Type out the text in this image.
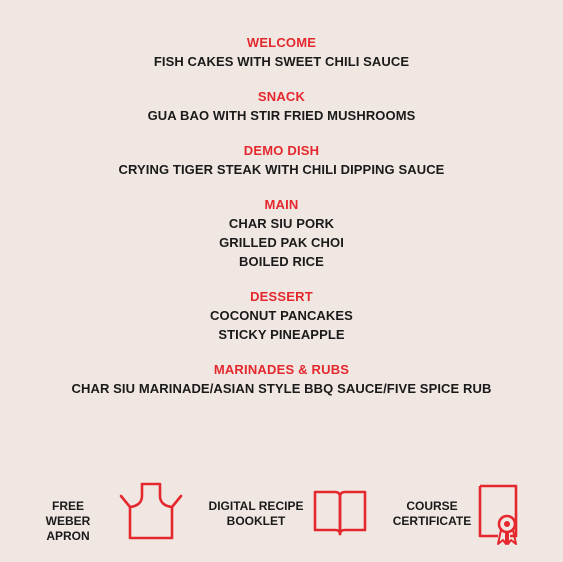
WELCOME
FISH CAKES WITH SWEET CHILI SAUCE
SNACK
GUA BAO WITH STIR FRIED MUSHROOMS
DEMO DISH
CRYING TIGER STEAK WITH CHILI DIPPING SAUCE
MAIN
CHAR SIU PORK
GRILLED PAK CHOI
BOILED RICE
DESSERT
COCONUT PANCAKES
STICKY PINEAPPLE
MARINADES & RUBS
CHAR SIU MARINADE/ASIAN STYLE BBQ SAUCE/FIVE SPICE RUB
FREE
WEBER
APRON
DIGITAL RECIPE
BOOKLET
COURSE
CERTIFICATE
